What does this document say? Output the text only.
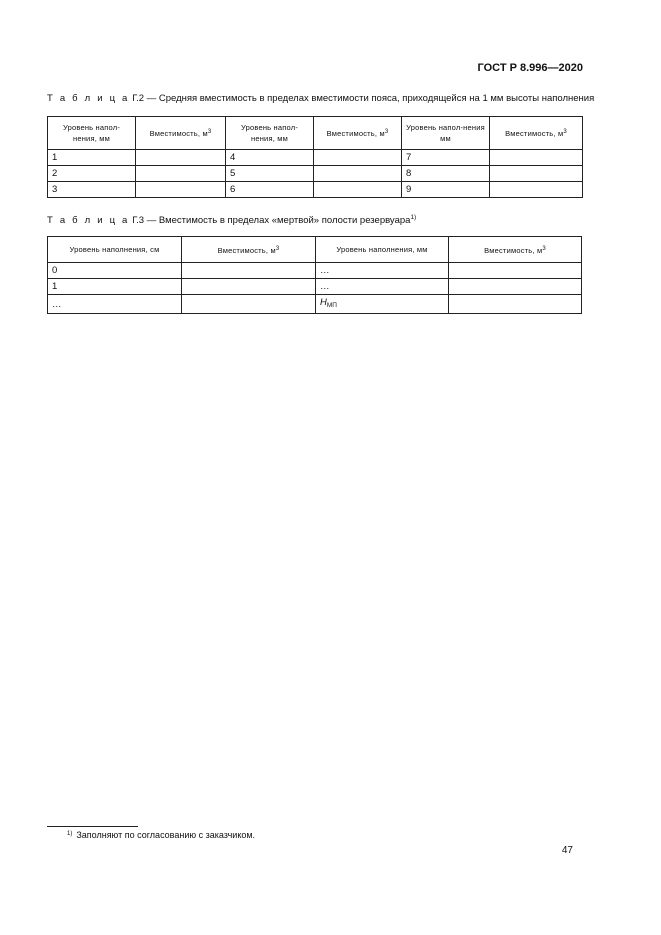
ГОСТ Р 8.996—2020
Т а б л и ц а Г.2 — Средняя вместимость в пределах вместимости пояса, приходящейся на 1 мм высоты наполнения
Уровень напол-нения, мм	Вместимость, $м^3$	Уровень напол-нения, мм	Вместимость, $м^3$	Уровень напол-нения мм	Вместимость, $м^3$
1		4		7	
2		5		8	
3		6		9	
Т а б л и ц а Г.3 — Вместимость в пределах «мертвой» полости резервуара$^{1)}$
Уровень наполнения, см	Вместимость, $м^3$	Уровень наполнения, мм	Вместимость, $м^3$
0		…	
1		…	
…		$H_{МП}$	
$^{1)}$ Заполняют по согласованию с заказчиком.
47
